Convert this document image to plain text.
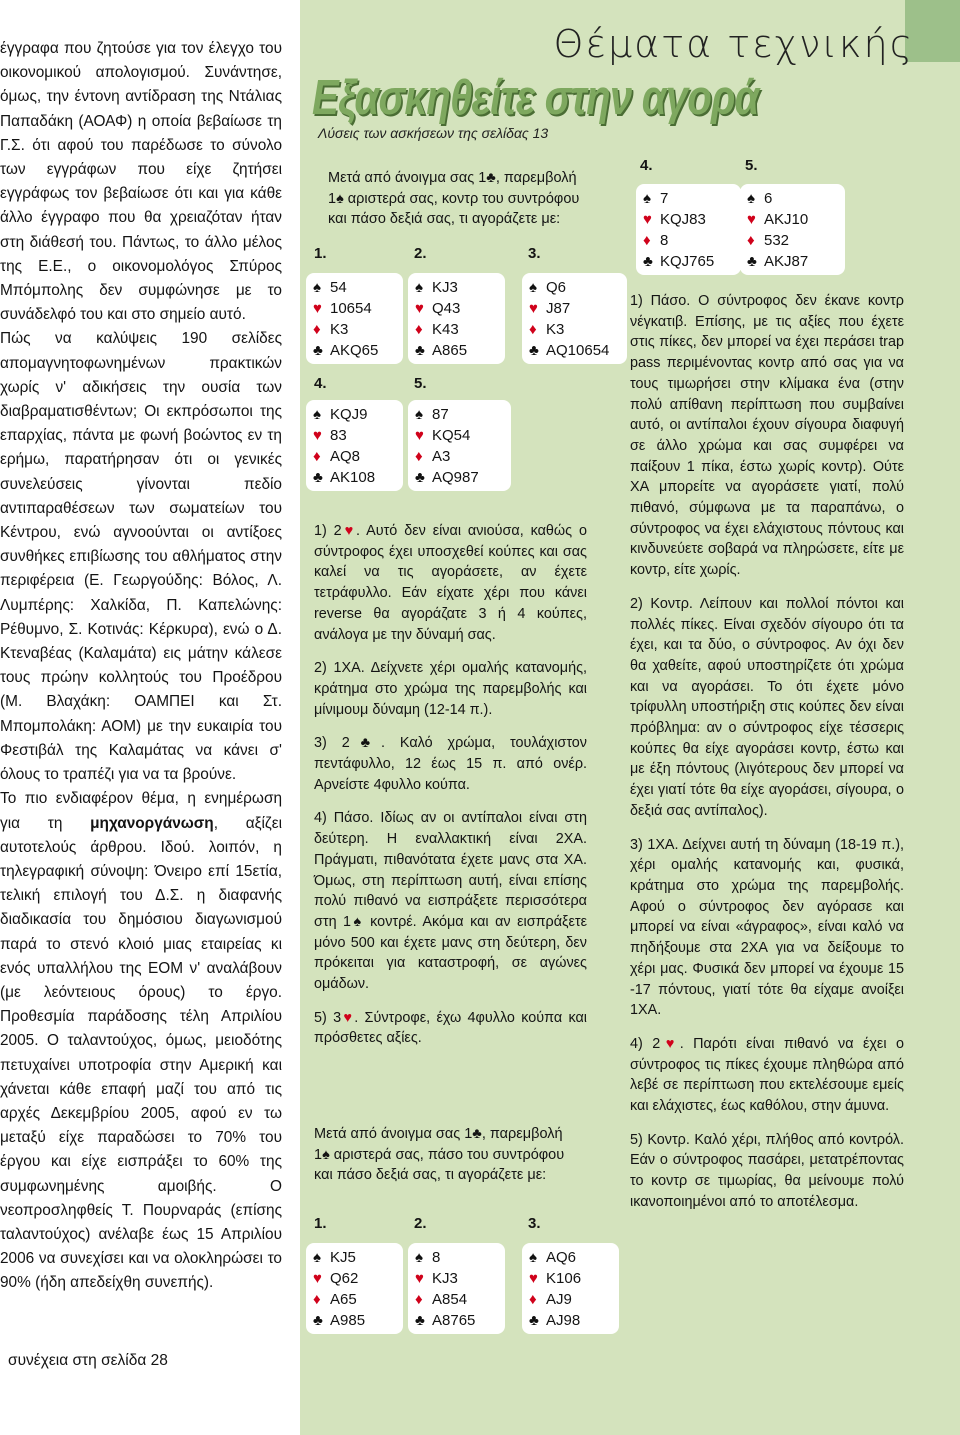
Θέματα τεχνικής
Εξασκηθείτε στην αγορά
Λύσεις των ασκήσεων της σελίδας 13

έγγραφα που ζητούσε για τον έλεγχο του οικονομικού απολογισμού. Συνάντησε, όμως, την έντονη αντίδραση της Ντάλιας Παπαδάκη (ΑΟΑΦ) η οποία βεβαίωσε τη Γ.Σ. ότι αφού του παρέδωσε το σύνολο των εγγράφων που είχε ζητήσει εγγράφως τον βεβαίωσε ότι και για κάθε άλλο έγγραφο που θα χρειαζόταν ήταν στη διάθεσή του. Πάντως, το άλλο μέλος της Ε.Ε., ο οικονομολόγος Σπύρος Μπόμπολης δεν συμφώνησε με το συνάδελφό του και στο σημείο αυτό.

Πώς να καλύψεις 190 σελίδες απομαγνητοφωνημένων πρακτικών χωρίς ν' αδικήσεις την ουσία των διαβραματισθέντων; Οι εκπρόσωποι της επαρχίας, πάντα με φωνή βοώντος εν τη ερήμω, παρατήρησαν ότι οι γενικές συνελεύσεις γίνονται πεδίο αντιπαραθέσεων των σωματείων του Κέντρου, ενώ αγνοούνται οι αντίξοες συνθήκες επιβίωσης του αθλήματος στην περιφέρεια (Ε. Γεωργούδης: Βόλος, Λ. Λυμπέρης: Χαλκίδα, Π. Καπελώνης: Ρέθυμνο, Σ. Κοτινάς: Κέρκυρα), ενώ ο Δ. Κτεναβέας (Καλαμάτα) εις μάτην κάλεσε τους πρώην κολλητούς του Προέδρου (Μ. Βλαχάκη: ΟΑΜΠΕΙ και Στ. Μπομπολάκη: ΑΟΜ) με την ευκαιρία του Φεστιβάλ της Καλαμάτας να κάνει σ' όλους το τραπέζι για να τα βρούνε.

Το πιο ενδιαφέρον θέμα, η ενημέρωση για τη μηχανοργάνωση, αξίζει αυτοτελούς άρθρου. Ιδού. λοιπόν, η τηλεγραφική σύνοψη: Όνειρο επί 15ετία, τελική επιλογή του Δ.Σ. η διαφανής διαδικασία του δημόσιου διαγωνισμού παρά το στενό κλοιό μιας εταιρείας κι ενός υπαλλήλου της ΕΟΜ ν' αναλάβουν (με λεόντειους όρους) το έργο. Προθεσμία παράδοσης τέλη Απριλίου 2005. Ο ταλαντούχος, όμως, μειοδότης πετυχαίνει υποτροφία στην Αμερική και χάνεται κάθε επαφή μαζί του από τις αρχές Δεκεμβρίου 2005, αφού εν τω μεταξύ είχε παραδώσει το 70% του έργου και είχε εισπράξει το 60% της συμφωνημένης αμοιβής. Ο νεοπροσληφθείς Τ. Πουρναράς (επίσης ταλαντούχος) ανέλαβε έως 15 Απριλίου 2006 να συνεχίσει και να ολοκληρώσει το 90% (ήδη απεδείχθη συνεπής).

συνέχεια στη σελίδα 28
Μετά από άνοιγμα σας 1♣, παρεμβολή
1♠ αριστερά σας, κοντρ του συντρόφου
και πάσο δεξιά σας, τι αγοράζετε με:
1.	2.	3.
4.	5.
♠ 54
♥ 10654
♦ K3
♣ AKQ65
♠ KJ3
♥ Q43
♦ K43
♣ A865
♠ Q6
♥ J87
♦ K3
♣ AQ10654
♠ KQJ9
♥ 83
♦ AQ8
♣ AK108
♠ 87
♥ KQ54
♦ A3
♣ AQ987

1) 2♥. Αυτό δεν είναι ανιούσα, καθώς ο σύντροφος έχει υποσχεθεί κούπες και σας καλεί να τις αγοράσετε, αν έχετε τετράφυλλο. Εάν είχατε χέρι που κάνει reverse θα αγοράζατε 3 ή 4 κούπες, ανάλογα με την δύναμή σας.

2) 1ΧΑ. Δείχνετε χέρι ομαλής κατανομής, κράτημα στο χρώμα της παρεμβολής και μίνιμουμ δύναμη (12-14 π.).

3) 2♣. Καλό χρώμα, τουλάχιστον πεντάφυλλο, 12 έως 15 π. από ονέρ. Αρνείστε 4φυλλο κούπα.

4) Πάσο. Ιδίως αν οι αντίπαλοι είναι στη δεύτερη. Η εναλλακτική είναι 2ΧΑ. Πράγματι, πιθανότατα έχετε μανς στα ΧΑ. Όμως, στη περίπτωση αυτή, είναι επίσης πολύ πιθανό να εισπράξετε περισσότερα στη 1♠ κοντρέ. Ακόμα και αν εισπράξετε μόνο 500 και έχετε μανς στη δεύτερη, δεν πρόκειται για καταστροφή, σε αγώνες ομάδων.

5) 3♥. Σύντροφε, έχω 4φυλλο κούπα και πρόσθετες αξίες.

Μετά από άνοιγμα σας 1♣, παρεμβολή
1♠ αριστερά σας, πάσο του συντρόφου
και πάσο δεξιά σας, τι αγοράζετε με:
1.	2.	3.
4.	5.
♠ KJ5
♥ Q62
♦ A65
♣ A985
♠ 8
♥ KJ3
♦ A854
♣ A8765
♠ AQ6
♥ K106
♦ AJ9
♣ AJ98
♠ 7
♥ KQJ83
♦ 8
♣ KQJ765
♠ 6
♥ AKJ10
♦ 532
♣ AKJ87

1) Πάσο. Ο σύντροφος δεν έκανε κοντρ νέγκατιβ. Επίσης, με τις αξίες που έχετε στις πίκες, δεν μπορεί να έχει περάσει trap pass περιμένοντας κοντρ από σας για να τους τιμωρήσει στην κλίμακα ένα (στην πολύ απίθανη περίπτωση που συμβαίνει αυτό, οι αντίπαλοι έχουν σίγουρα διαφυγή σε άλλο χρώμα και σας συμφέρει να παίξουν 1 πίκα, έστω χωρίς κοντρ). Ούτε ΧΑ μπορείτε να αγοράσετε γιατί, πολύ πιθανό, σύμφωνα με τα παραπάνω, ο σύντροφος να έχει ελάχιστους πόντους και κινδυνεύετε σοβαρά να πληρώσετε, είτε με κοντρ, είτε χωρίς.

2) Κοντρ. Λείπουν και πολλοί πόντοι και πολλές πίκες. Είναι σχεδόν σίγουρο ότι τα έχει, και τα δύο, ο σύντροφος. Αν όχι δεν θα χαθείτε, αφού υποστηρίζετε ότι χρώμα και να αγοράσει. Το ότι έχετε μόνο τρίφυλλη υποστήριξη στις κούπες δεν είναι πρόβλημα: αν ο σύντροφος είχε τέσσερις κούπες θα είχε αγοράσει κοντρ, έστω και με έξη πόντους (λιγότερους δεν μπορεί να έχει γιατί τότε θα είχε αγοράσει, σίγουρα, ο δεξιά σας αντίπαλος).

3) 1ΧΑ. Δείχνει αυτή τη δύναμη (18-19 π.), χέρι ομαλής κατανομής και, φυσικά, κράτημα στο χρώμα της παρεμβολής. Αφού ο σύντροφος δεν αγόρασε και μπορεί να είναι «άγραφος», είναι καλό να πηδήξουμε στα 2ΧΑ για να δείξουμε το χέρι μας. Φυσικά δεν μπορεί να έχουμε 15 -17 πόντους, γιατί τότε θα είχαμε ανοίξει 1ΧΑ.

4) 2♥. Παρότι είναι πιθανό να έχει ο σύντροφος τις πίκες έχουμε πληθώρα από λεβέ σε περίπτωση που εκτελέσουμε εμείς και ελάχιστες, έως καθόλου, στην άμυνα.

5) Κοντρ. Καλό χέρι, πλήθος από κοντρόλ. Εάν ο σύντροφος πασάρει, μετατρέποντας το κοντρ σε τιμωρίας, θα μείνουμε πολύ ικανοποιημένοι από το αποτέλεσμα.
